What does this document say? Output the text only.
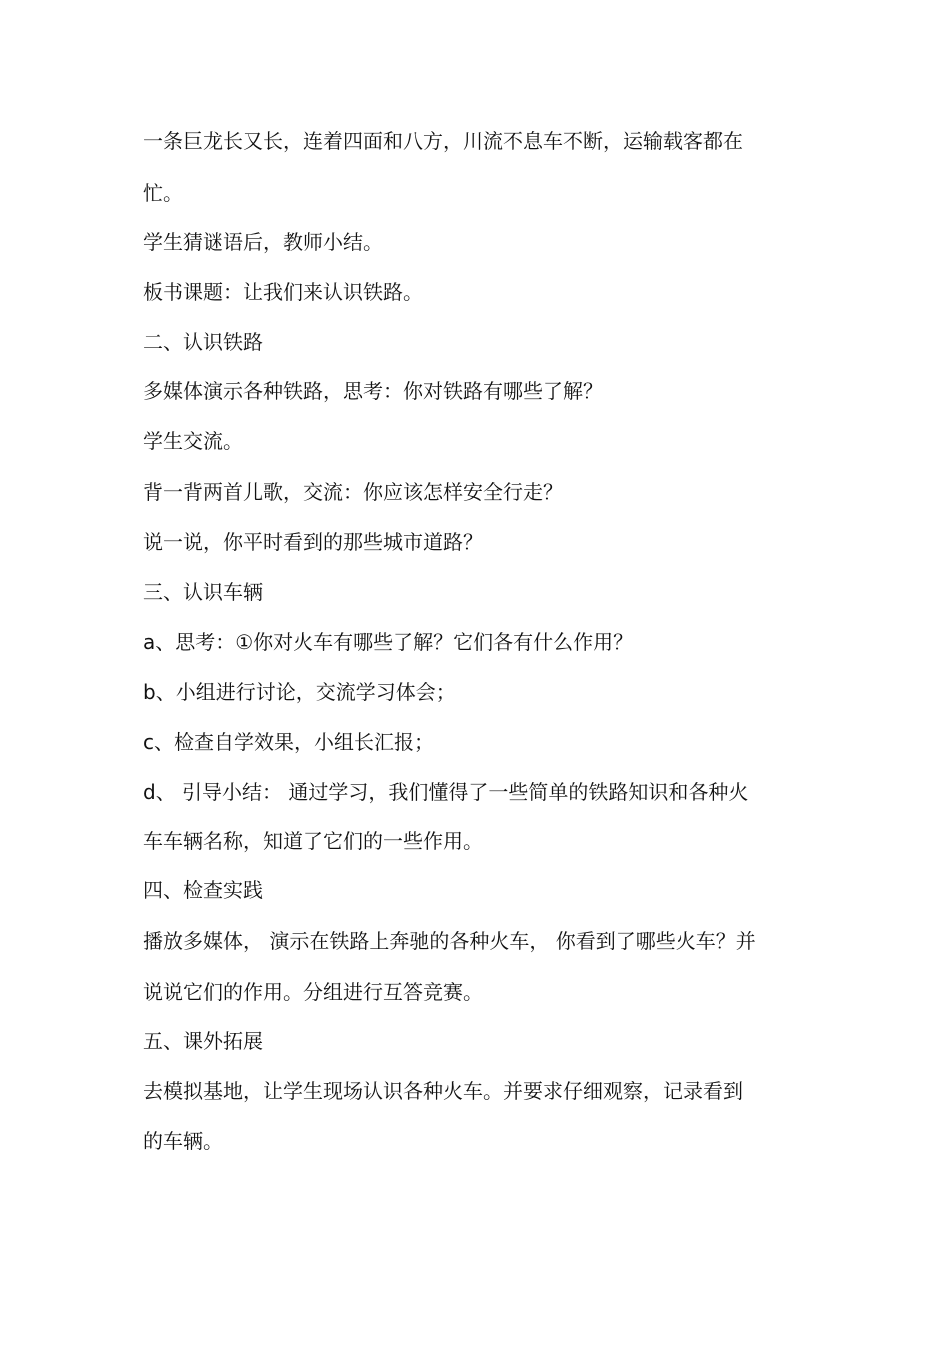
一条巨龙长又长，连着四面和八方，川流不息车不断，运输载客都在
忙。
学生猜谜语后，教师小结。
板书课题：让我们来认识铁路。
二、认识铁路
多媒体演示各种铁路，思考：你对铁路有哪些了解？
学生交流。
背一背两首儿歌，交流：你应该怎样安全行走？
说一说，你平时看到的那些城市道路？
三、认识车辆
a、思考：①你对火车有哪些了解？它们各有什么作用？
b、小组进行讨论，交流学习体会；
c、检查自学效果，小组长汇报；
d、 引导小结： 通过学习，我们懂得了一些简单的铁路知识和各种火
车车辆名称，知道了它们的一些作用。
四、检查实践
播放多媒体， 演示在铁路上奔驰的各种火车， 你看到了哪些火车？并
说说它们的作用。分组进行互答竞赛。
五、课外拓展
去模拟基地，让学生现场认识各种火车。并要求仔细观察，记录看到
的车辆。
